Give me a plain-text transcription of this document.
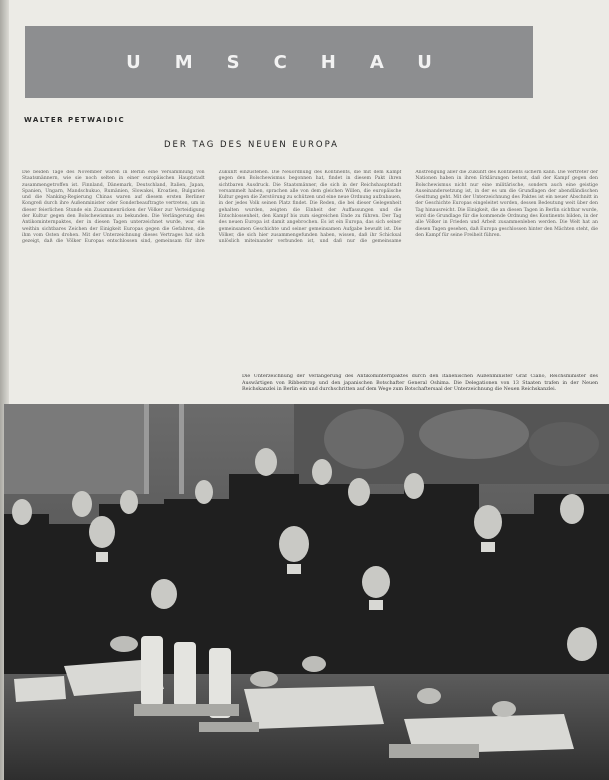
UMSCHAU
WALTER PETWAIDIC
DER TAG DES NEUEN EUROPA
Die beiden Tage des November waren in Berlin eine Versammlung von Staatsmännern, wie sie noch selten in einer europäischen Hauptstadt zusammengetroffen ist. Finnland, Dänemark, Deutschland, Italien, Japan, Spanien, Ungarn, Mandschukuo, Rumänien, Slowakei, Kroatien, Bulgarien und die Nanking-Regierung Chinas waren auf diesem ersten Berliner Kongreß durch ihre Außenminister oder Sonderbeauftragte vertreten, um in dieser feierlichen Stunde ein Zusammenrücken der Völker zur Verteidigung der Kultur gegen den Bolschewismus zu bekunden. Die Verlängerung des Antikominternpaktes, der in diesen Tagen unterzeichnet wurde, war ein weithin sichtbares Zeichen der Einigkeit Europas gegen die Gefahren, die ihm vom Osten drohen. Mit der Unterzeichnung dieses Vertrages hat sich gezeigt, daß die Völker Europas entschlossen sind, gemeinsam für ihre Zukunft einzustehen. Die Neuordnung des Kontinents, die mit dem Kampf gegen den Bolschewismus begonnen hat, findet in diesem Pakt ihren sichtbaren Ausdruck. Die Staatsmänner, die sich in der Reichshauptstadt versammelt haben, sprachen alle von dem gleichen Willen, die europäische Kultur gegen die Zerstörung zu schützen und eine neue Ordnung aufzubauen, in der jedes Volk seinen Platz findet. Die Reden, die bei dieser Gelegenheit gehalten wurden, zeigten die Einheit der Auffassungen und die Entschlossenheit, den Kampf bis zum siegreichen Ende zu führen. Der Tag des neuen Europa ist damit angebrochen. Es ist ein Europa, das sich seiner gemeinsamen Geschichte und seiner gemeinsamen Aufgabe bewußt ist. Die Völker, die sich hier zusammengefunden haben, wissen, daß ihr Schicksal unlöslich miteinander verbunden ist, und daß nur die gemeinsame Anstrengung aller die Zukunft des Kontinents sichern kann. Die Vertreter der Nationen haben in ihren Erklärungen betont, daß der Kampf gegen den Bolschewismus nicht nur eine militärische, sondern auch eine geistige Auseinandersetzung ist, in der es um die Grundlagen der abendländischen Gesittung geht. Mit der Unterzeichnung des Paktes ist ein neuer Abschnitt in der Geschichte Europas eingeleitet worden, dessen Bedeutung weit über den Tag hinausreicht. Die Einigkeit, die an diesen Tagen in Berlin sichtbar wurde, wird die Grundlage für die kommende Ordnung des Kontinents bilden, in der alle Völker in Frieden und Arbeit zusammenleben werden. Die Welt hat an diesen Tagen gesehen, daß Europa geschlossen hinter den Mächten steht, die den Kampf für seine Freiheit führen.
Die Unterzeichnung der Verlängerung des Antikominternpaktes durch den italienischen Außenminister Graf Ciano, Reichsminister des Auswärtigen von Ribbentrop und den japanischen Botschafter General Oshima. Die Delegationen von 13 Staaten trafen in der Neuen Reichskanzlei in Berlin ein und durchschritten auf dem Wege zum Botschaftersaal der Unterzeichnung die Neuen Reichskanzlei.
